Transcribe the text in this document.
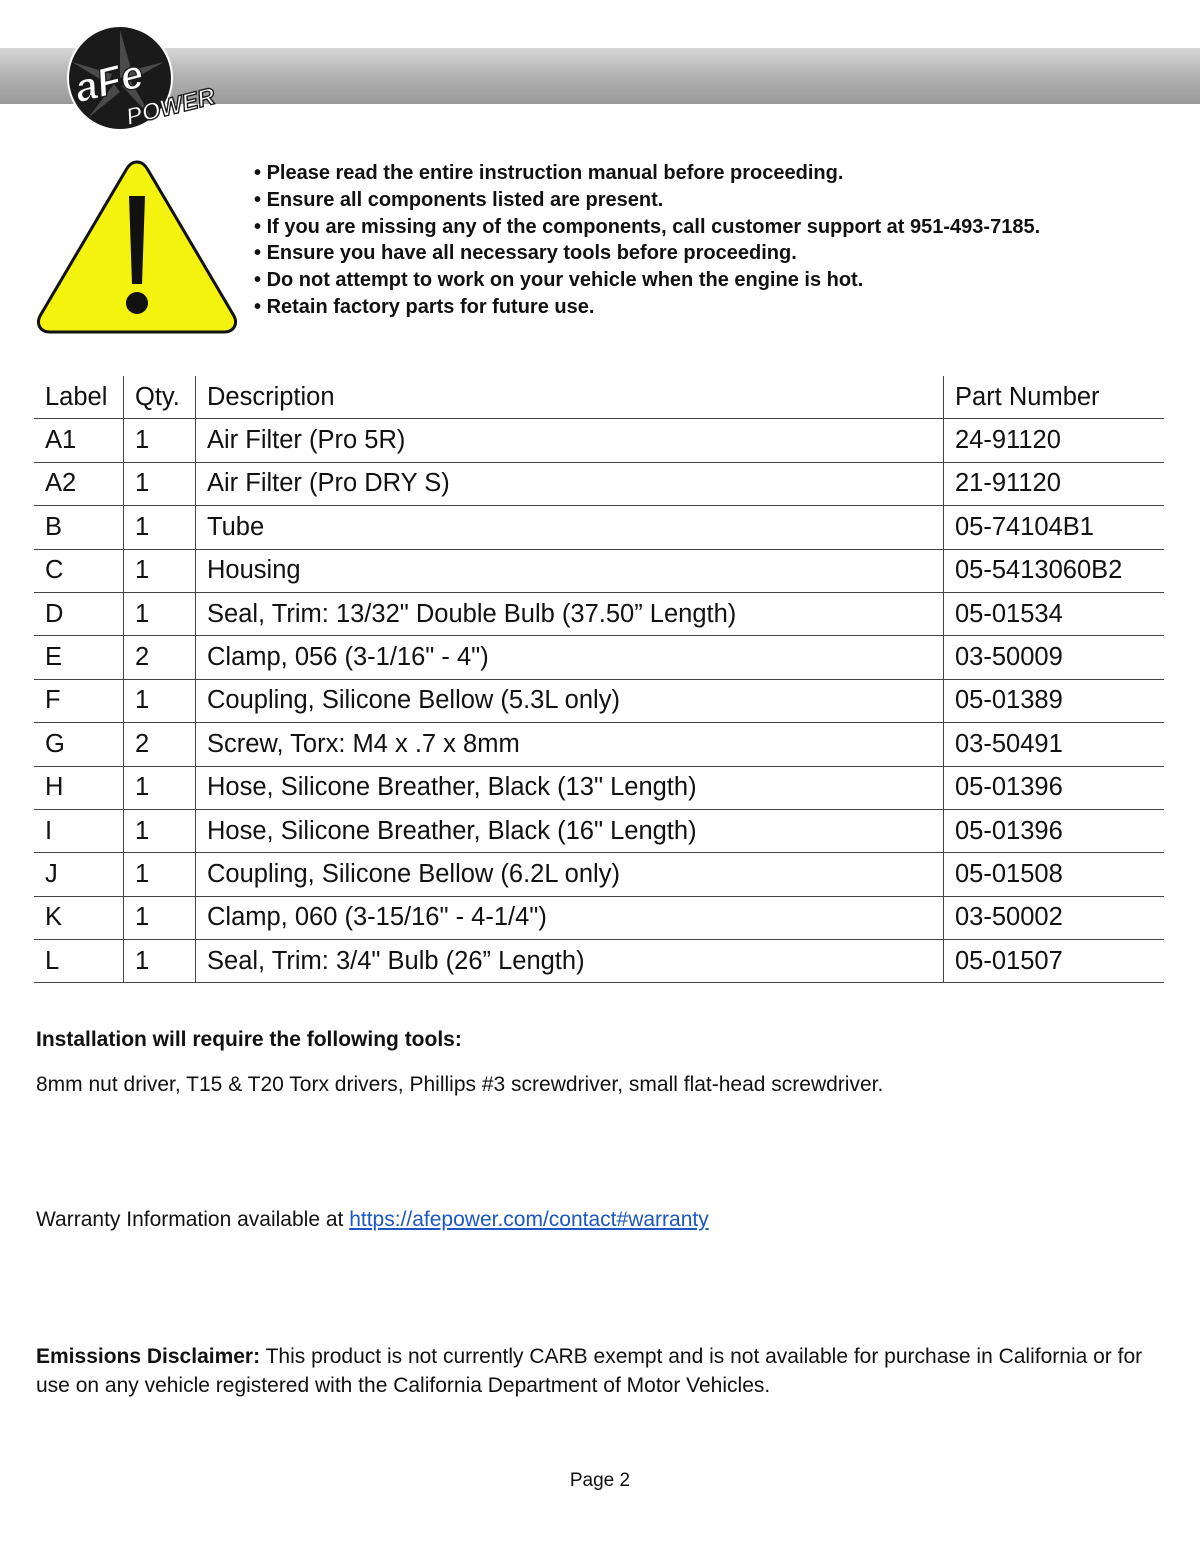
aFe
POWER
• Please read the entire instruction manual before proceeding.
• Ensure all components listed are present.
• If you are missing any of the components, call customer support at 951-493-7185.
• Ensure you have all necessary tools before proceeding.
• Do not attempt to work on your vehicle when the engine is hot.
• Retain factory parts for future use.
Label	Qty.	Description	Part Number
A1	1	Air Filter (Pro 5R)	24-91120
A2	1	Air Filter (Pro DRY S)	21-91120
B	1	Tube	05-74104B1
C	1	Housing	05-5413060B2
D	1	Seal, Trim: 13/32" Double Bulb (37.50” Length)	05-01534
E	2	Clamp, 056 (3-1/16" - 4")	03-50009
F	1	Coupling, Silicone Bellow (5.3L only)	05-01389
G	2	Screw, Torx: M4 x .7 x 8mm	03-50491
H	1	Hose, Silicone Breather, Black (13" Length)	05-01396
I	1	Hose, Silicone Breather, Black (16" Length)	05-01396
J	1	Coupling, Silicone Bellow (6.2L only)	05-01508
K	1	Clamp, 060 (3-15/16" - 4-1/4")	03-50002
L	1	Seal, Trim: 3/4" Bulb (26” Length)	05-01507
Installation will require the following tools:
8mm nut driver, T15 & T20 Torx drivers, Phillips #3 screwdriver, small flat-head screwdriver.
Warranty Information available at https://afepower.com/contact#warranty
Emissions Disclaimer: This product is not currently CARB exempt and is not available for purchase in California or for use on any vehicle registered with the California Department of Motor Vehicles.
Page 2
